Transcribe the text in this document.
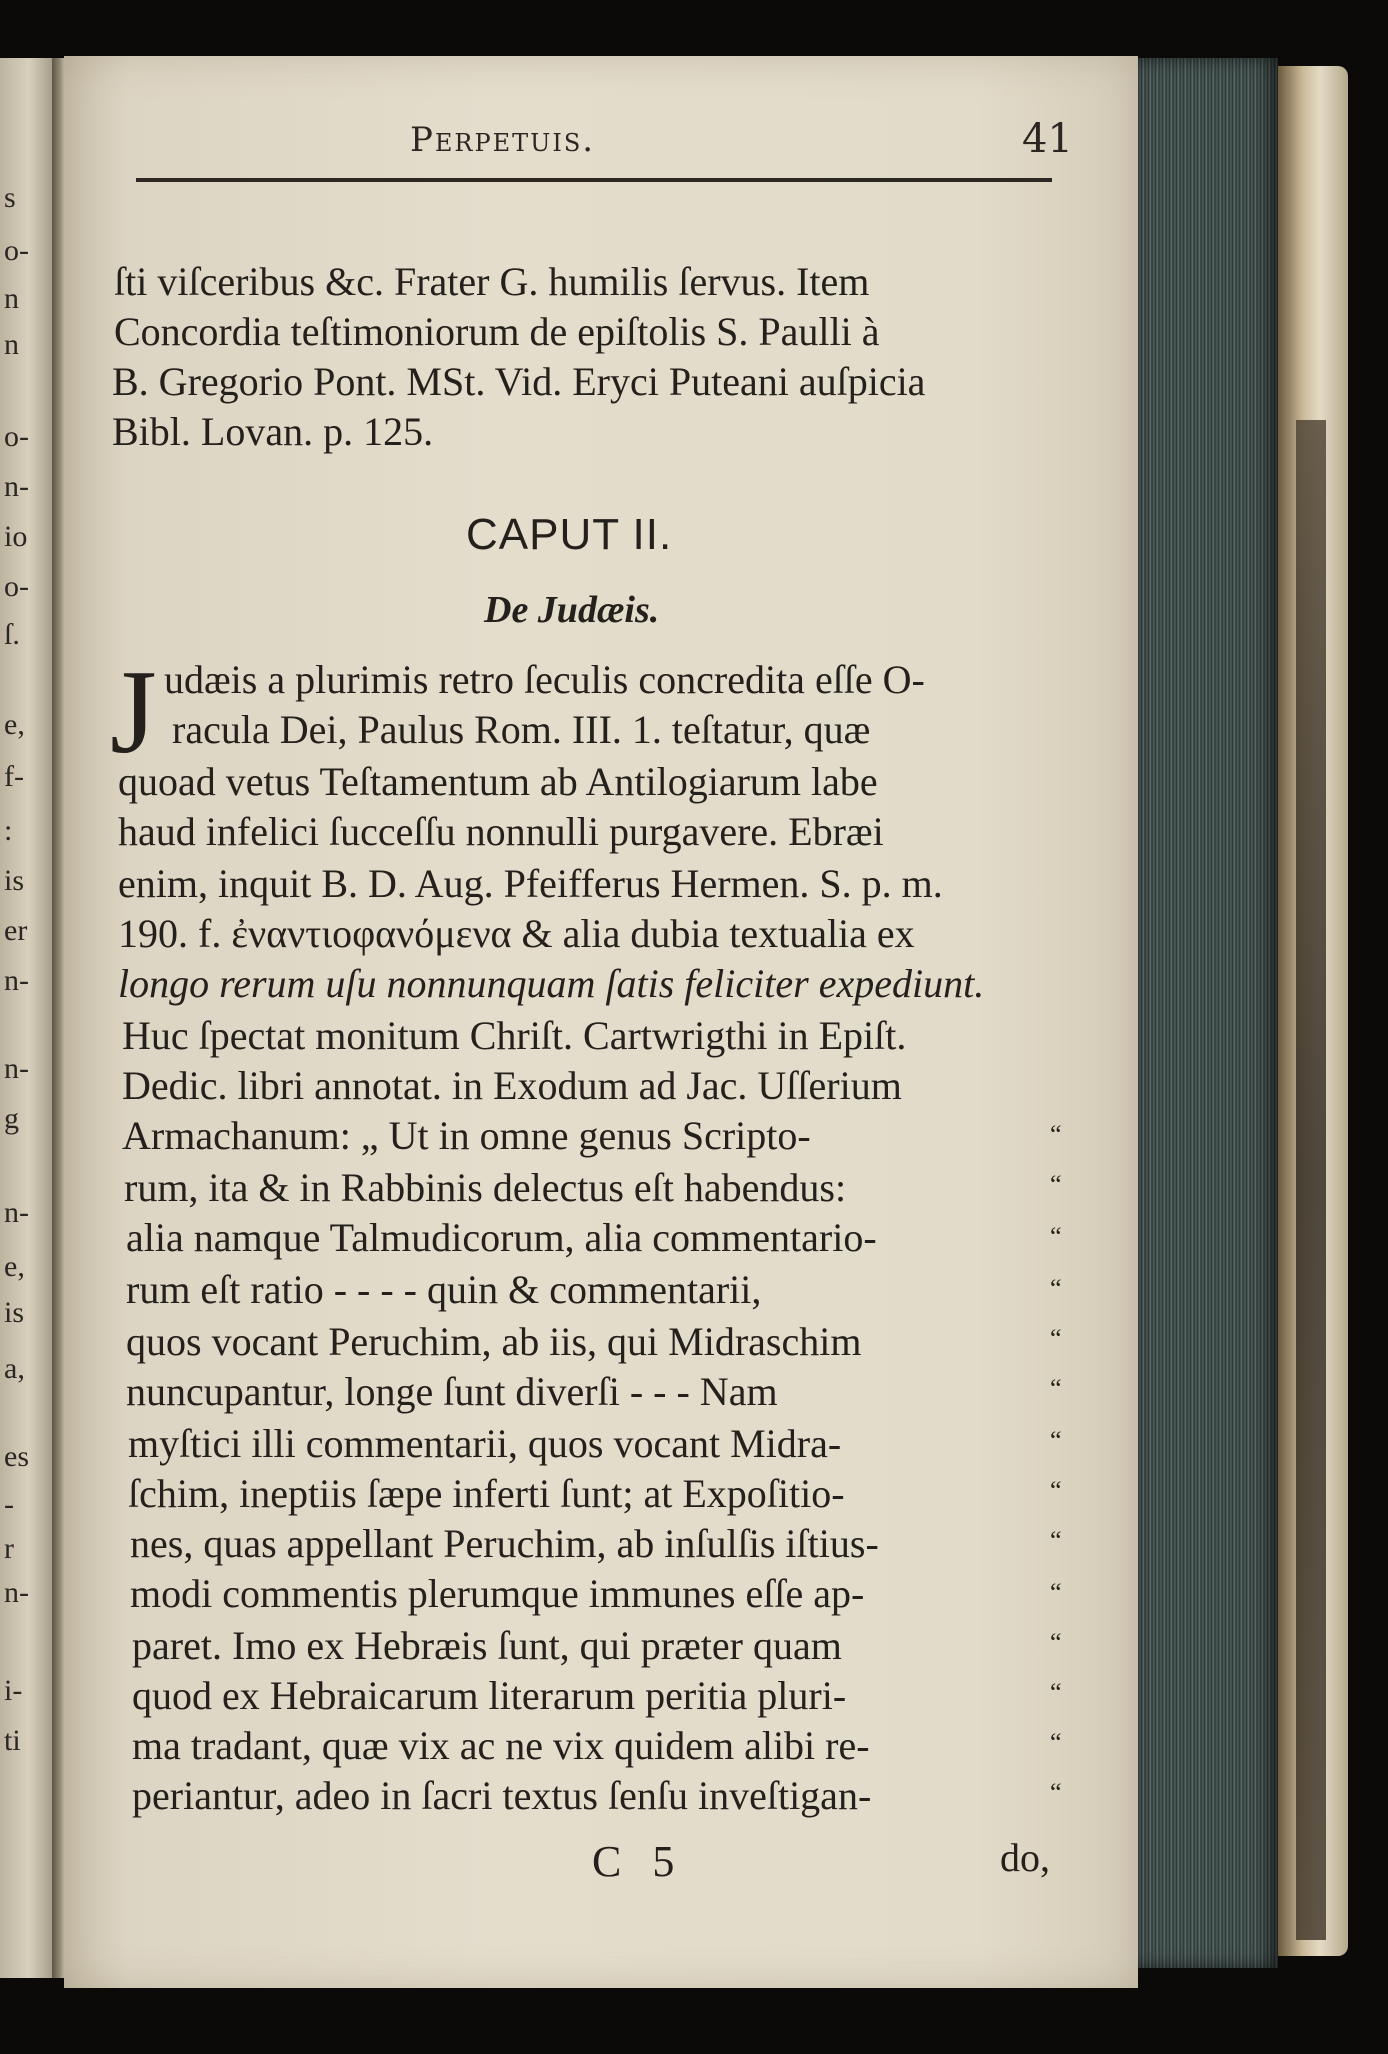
s
o-
n
n
o-
n-
io
o-
ſ.
e,
f-
:
is
er
n-
n-
g
n-
e,
is
a,
es
-
r
n-
i-
ti
Perpetuis.	41
ſti viſceribus &c. Frater G. humilis ſervus. Item
Concordia teſtimoniorum de epiſtolis S. Paulli à
B. Gregorio Pont. MSt. Vid. Eryci Puteani auſpicia
Bibl. Lovan. p. 125.
CAPUT II.
De Judæis.
J udæis a plurimis retro ſeculis concredita eſſe O-
racula Dei, Paulus Rom. III. 1. teſtatur, quæ
quoad vetus Teſtamentum ab Antilogiarum labe
haud infelici ſucceſſu nonnulli purgavere. Ebræi
enim, inquit B. D. Aug. Pfeifferus Hermen. S. p. m.
190. f. ἐναντιοφανόμενα & alia dubia textualia ex
longo rerum uſu nonnunquam ſatis feliciter expediunt.
Huc ſpectat monitum Chriſt. Cartwrigthi in Epiſt.
Dedic. libri annotat. in Exodum ad Jac. Uſſerium
Armachanum: „ Ut in omne genus Scripto-
rum, ita & in Rabbinis delectus eſt habendus:
alia namque Talmudicorum, alia commentario-
rum eſt ratio - - - - quin & commentarii,
quos vocant Peruchim, ab iis, qui Midraschim
nuncupantur, longe ſunt diverſi - - - Nam
myſtici illi commentarii, quos vocant Midra-
ſchim, ineptiis ſæpe inferti ſunt; at Expoſitio-
nes, quas appellant Peruchim, ab inſulſis iſtius-
modi commentis plerumque immunes eſſe ap-
paret. Imo ex Hebræis ſunt, qui præter quam
quod ex Hebraicarum literarum peritia pluri-
ma tradant, quæ vix ac ne vix quidem alibi re-
periantur, adeo in ſacri textus ſenſu inveſtigan-
“
“
“
“
“
“
“
“
“
“
“
“
“
“
C 5	do,
